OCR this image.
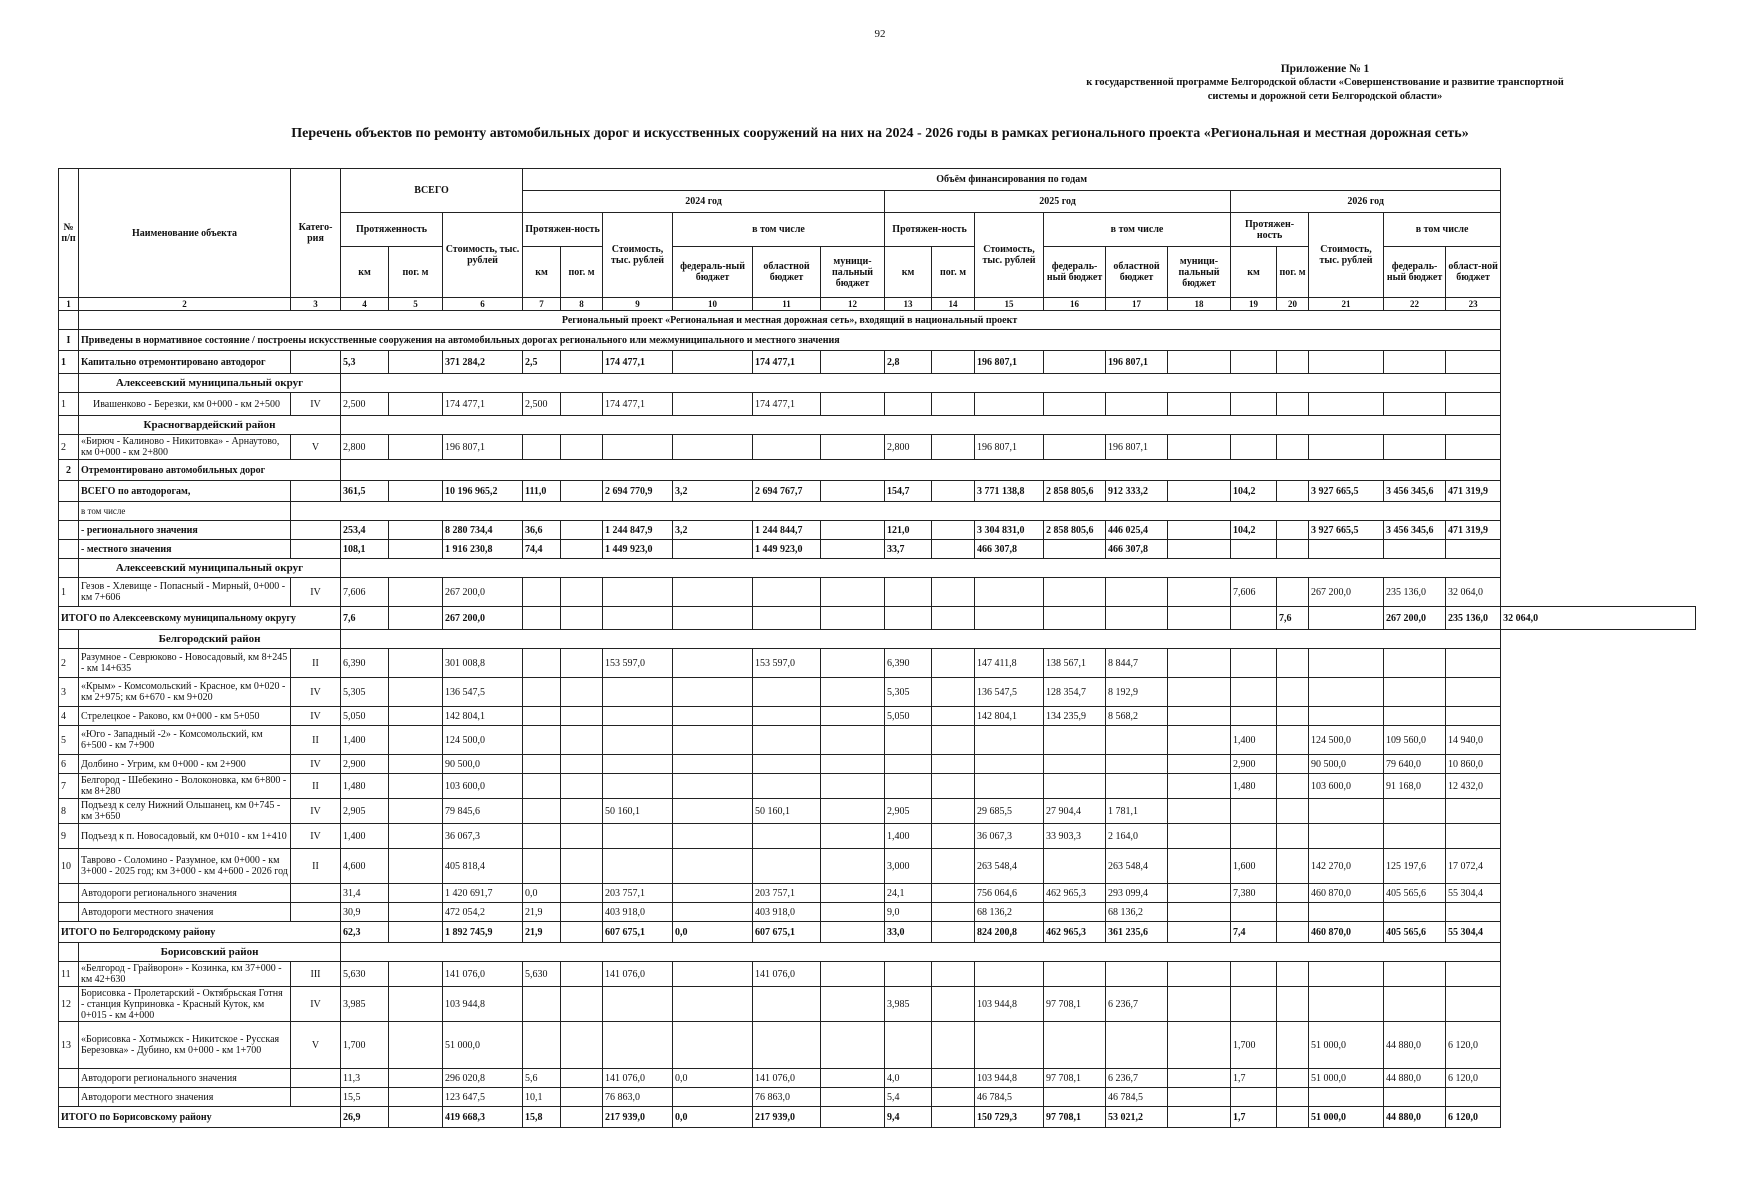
92
Приложение № 1
к государственной программе Белгородской области «Совершенствование и развитие транспортной
системы и дорожной сети Белгородской области»
Перечень объектов по ремонту автомобильных дорог и искусственных сооружений на них на 2024 - 2026 годы в рамках регионального проекта «Региональная и местная дорожная сеть»
№ п/п	Наименование объекта	Катего-рия	ВСЕГО			Объём финансирования по годам																	
						2024 год						2025 год						2026 год					
			Протяженность		Стоимость, тыс. рублей	Протяжен-ность		Стоимость, тыс. рублей	в том числе			Протяжен-ность		Стоимость, тыс. рублей	в том числе			Протяжен-ность		Стоимость, тыс. рублей	в том числе		
			км	пог. м		км	пог. м		федераль-ный бюджет	областной бюджет	муници-пальный бюджет	км	пог. м		федераль-ный бюджет	областной бюджет	муници-пальный бюджет	км	пог. м		федераль-ный бюджет	област-ной бюджет	
1	2	3	4	5	6	7	8	9	10	11	12	13	14	15	16	17	18	19	20	21	22	23	
	Региональный проект «Региональная и местная дорожная сеть», входящий в национальный проект																						
I	Приведены в нормативное состояние / построены искусственные сооружения на автомобильных дорогах регионального или межмуниципального и местного значения																						
1	Капитально отремонтировано автодорог		5,3		371 284,2	2,5		174 477,1		174 477,1		2,8		196 807,1		196 807,1							
	Алексеевский муниципальный округ																						
1	Ивашенково - Березки, км 0+000 - км 2+500	IV	2,500		174 477,1	2,500		174 477,1		174 477,1													
	Красногвардейский район																						
2	«Бирюч - Калиново - Никитовка» - Арнаутово, км 0+000 - км 2+800	V	2,800		196 807,1							2,800		196 807,1		196 807,1							
2	Отремонтировано автомобильных дорог																						
	ВСЕГО по автодорогам,		361,5		10 196 965,2	111,0		2 694 770,9	3,2	2 694 767,7		154,7		3 771 138,8	2 858 805,6	912 333,2		104,2		3 927 665,5	3 456 345,6	471 319,9	
	в том числе																						
	- регионального значения		253,4		8 280 734,4	36,6		1 244 847,9	3,2	1 244 844,7		121,0		3 304 831,0	2 858 805,6	446 025,4		104,2		3 927 665,5	3 456 345,6	471 319,9	
	- местного значения		108,1		1 916 230,8	74,4		1 449 923,0		1 449 923,0		33,7		466 307,8		466 307,8							
	Алексеевский муниципальный округ																						
1	Гезов - Хлевище - Попасный - Мирный, 0+000 - км 7+606	IV	7,606		267 200,0													7,606		267 200,0	235 136,0	32 064,0	
ИТОГО по Алексеевскому муниципальному округу			7,6		267 200,0														7,6		267 200,0	235 136,0	32 064,0
	Белгородский район																						
2	Разумное - Севрюково - Новосадовый, км 8+245 - км 14+635	II	6,390		301 008,8			153 597,0		153 597,0		6,390		147 411,8	138 567,1	8 844,7							
3	«Крым» - Комсомольский - Красное, км 0+020 - км 2+975; км 6+670 - км 9+020	IV	5,305		136 547,5							5,305		136 547,5	128 354,7	8 192,9							
4	Стрелецкое - Раково, км 0+000 - км 5+050	IV	5,050		142 804,1							5,050		142 804,1	134 235,9	8 568,2							
5	«Юго - Западный -2» - Комсомольский, км 6+500 - км 7+900	II	1,400		124 500,0													1,400		124 500,0	109 560,0	14 940,0	
6	Долбино - Угрим, км 0+000 - км 2+900	IV	2,900		90 500,0													2,900		90 500,0	79 640,0	10 860,0	
7	Белгород - Шебекино - Волоконовка, км 6+800 - км 8+280	II	1,480		103 600,0													1,480		103 600,0	91 168,0	12 432,0	
8	Подъезд к селу Нижний Ольшанец, км 0+745 - км 3+650	IV	2,905		79 845,6			50 160,1		50 160,1		2,905		29 685,5	27 904,4	1 781,1							
9	Подъезд к п. Новосадовый, км 0+010 - км 1+410	IV	1,400		36 067,3							1,400		36 067,3	33 903,3	2 164,0							
10	Таврово - Соломино - Разумное, км 0+000 - км 3+000 - 2025 год; км 3+000 - км 4+600 - 2026 год	II	4,600		405 818,4							3,000		263 548,4		263 548,4		1,600		142 270,0	125 197,6	17 072,4	
	Автодороги регионального значения		31,4		1 420 691,7	0,0		203 757,1		203 757,1		24,1		756 064,6	462 965,3	293 099,4		7,380		460 870,0	405 565,6	55 304,4	
	Автодороги местного значения		30,9		472 054,2	21,9		403 918,0		403 918,0		9,0		68 136,2		68 136,2							
ИТОГО по Белгородскому району			62,3		1 892 745,9	21,9		607 675,1	0,0	607 675,1		33,0		824 200,8	462 965,3	361 235,6		7,4		460 870,0	405 565,6	55 304,4	
	Борисовский район																						
11	«Белгород - Грайворон» - Козинка, км 37+000 - км 42+630	III	5,630		141 076,0	5,630		141 076,0		141 076,0													
12	Борисовка - Пролетарский - Октябрьская Готня - станция Куприновка - Красный Куток, км 0+015 - км 4+000	IV	3,985		103 944,8							3,985		103 944,8	97 708,1	6 236,7							
13	«Борисовка - Хотмыжск - Никитское - Русская Березовка» - Дубино, км 0+000 - км 1+700	V	1,700		51 000,0													1,700		51 000,0	44 880,0	6 120,0	
	Автодороги регионального значения		11,3		296 020,8	5,6		141 076,0	0,0	141 076,0		4,0		103 944,8	97 708,1	6 236,7		1,7		51 000,0	44 880,0	6 120,0	
	Автодороги местного значения		15,5		123 647,5	10,1		76 863,0		76 863,0		5,4		46 784,5		46 784,5							
ИТОГО по Борисовскому району			26,9		419 668,3	15,8		217 939,0	0,0	217 939,0		9,4		150 729,3	97 708,1	53 021,2		1,7		51 000,0	44 880,0	6 120,0	
